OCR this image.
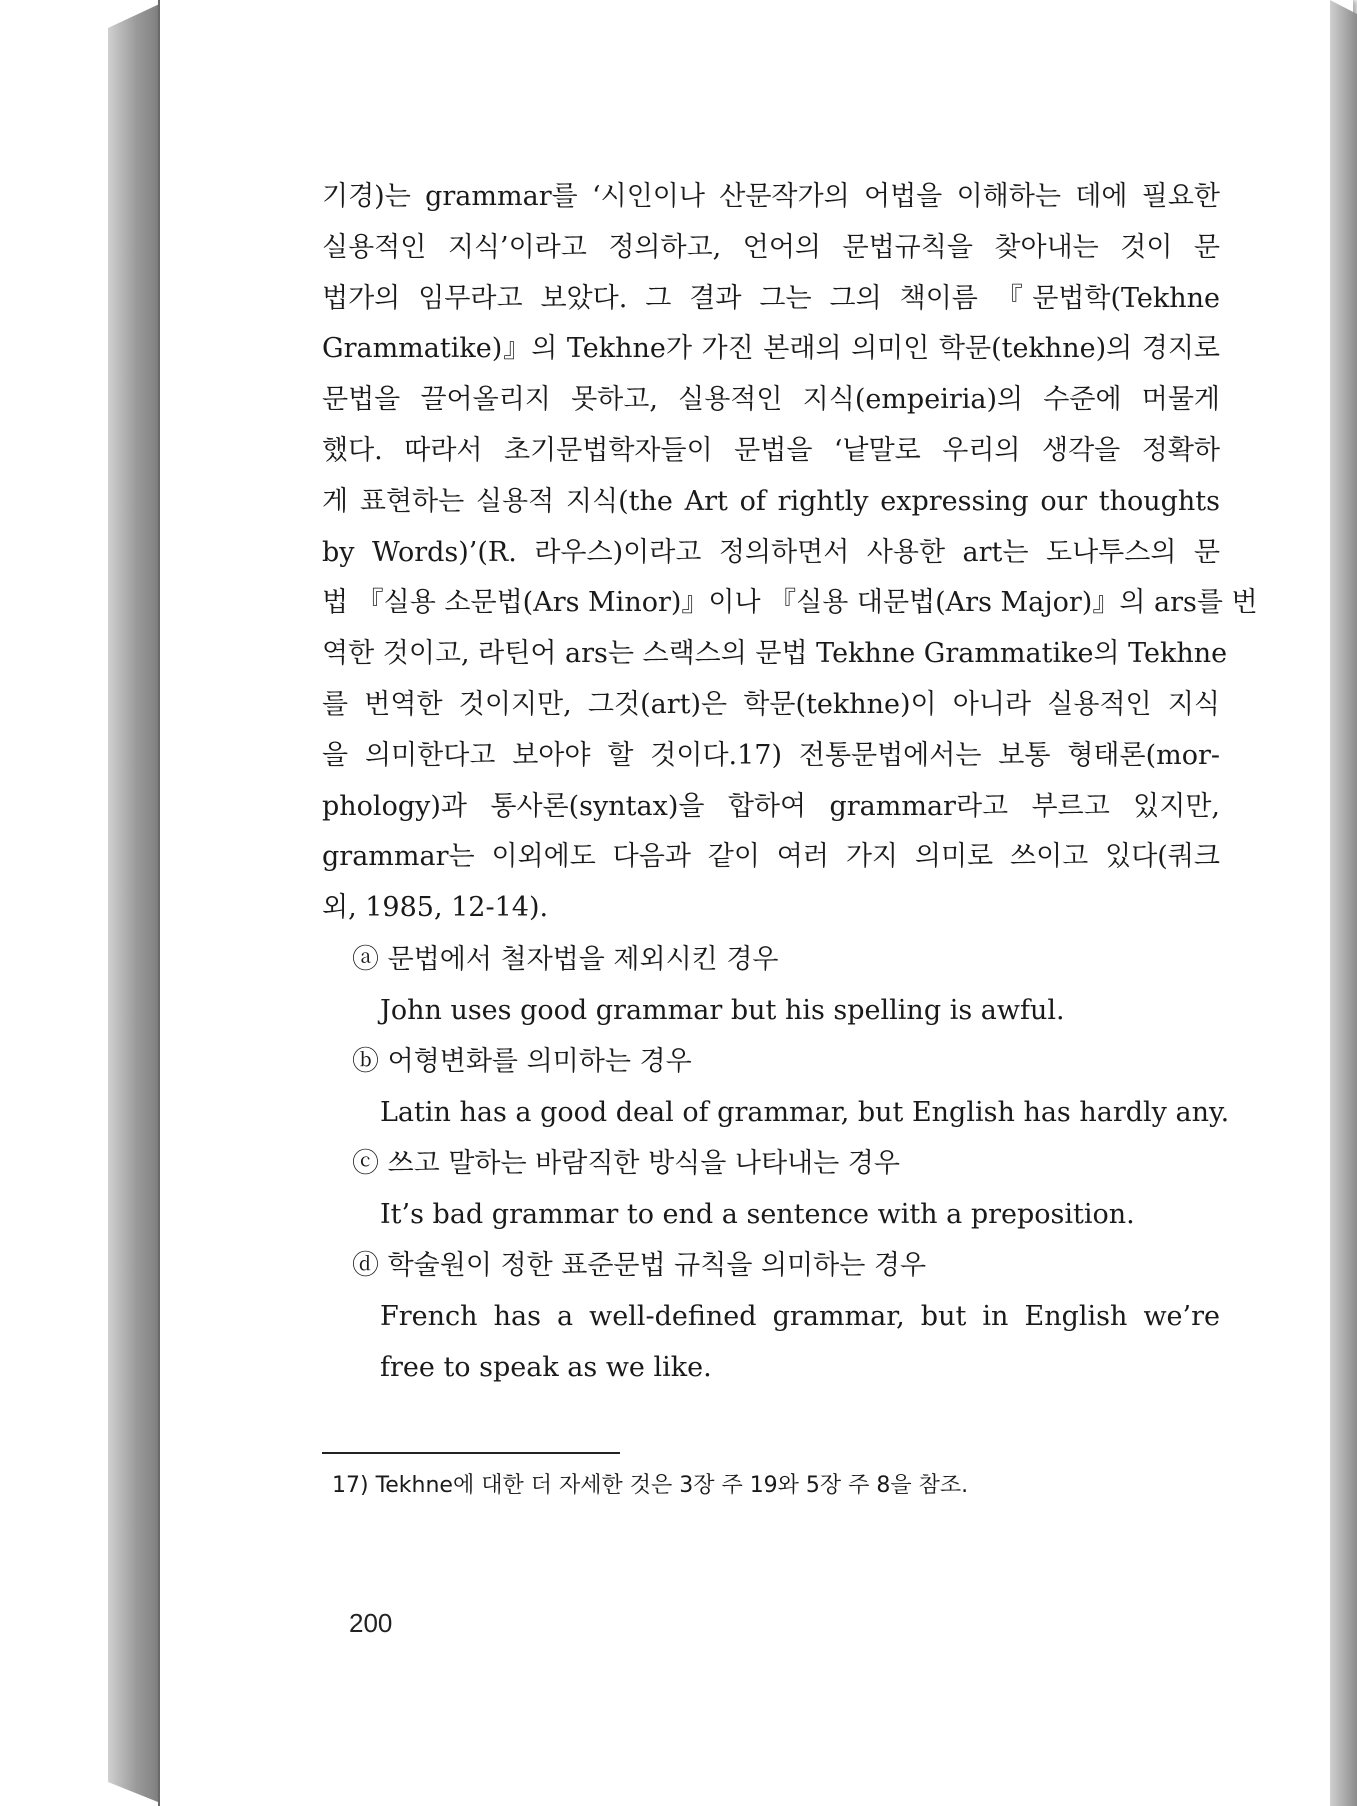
기경)는 grammar를 ‘시인이나 산문작가의 어법을 이해하는 데에 필요한
실용적인 지식’이라고 정의하고, 언어의 문법규칙을 찾아내는 것이 문
법가의 임무라고 보았다. 그 결과 그는 그의 책이름 『문법학(Tekhne
Grammatike)』의 Tekhne가 가진 본래의 의미인 학문(tekhne)의 경지로
문법을 끌어올리지 못하고, 실용적인 지식(empeiria)의 수준에 머물게
했다. 따라서 초기문법학자들이 문법을 ‘낱말로 우리의 생각을 정확하
게 표현하는 실용적 지식(the Art of rightly expressing our thoughts
by Words)’(R. 라우스)이라고 정의하면서 사용한 art는 도나투스의 문
법 『실용 소문법(Ars Minor)』이나 『실용 대문법(Ars Major)』의 ars를 번
역한 것이고, 라틴어 ars는 스랙스의 문법 Tekhne Grammatike의 Tekhne
를 번역한 것이지만, 그것(art)은 학문(tekhne)이 아니라 실용적인 지식
을 의미한다고 보아야 할 것이다.17) 전통문법에서는 보통 형태론(mor-
phology)과 통사론(syntax)을 합하여 grammar라고 부르고 있지만,
grammar는 이외에도 다음과 같이 여러 가지 의미로 쓰이고 있다(쿼크
외, 1985, 12-14).

ⓐ 문법에서 철자법을 제외시킨 경우
John uses good grammar but his spelling is awful.
ⓑ 어형변화를 의미하는 경우
Latin has a good deal of grammar, but English has hardly any.
ⓒ 쓰고 말하는 바람직한 방식을 나타내는 경우
It’s bad grammar to end a sentence with a preposition.
ⓓ 학술원이 정한 표준문법 규칙을 의미하는 경우
French has a well-defined grammar, but in English we’re free to speak as we like.
17) Tekhne에 대한 더 자세한 것은 3장 주 19와 5장 주 8을 참조.
200
